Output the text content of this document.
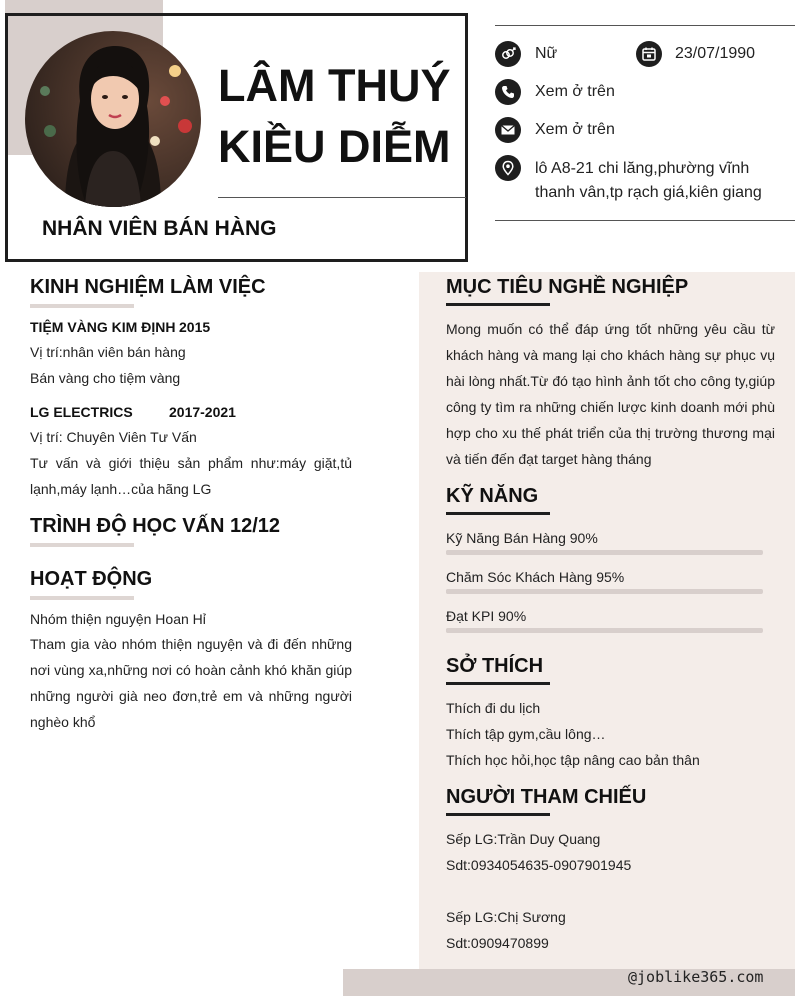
LÂM THUÝ
KIỀU DIỄM
NHÂN VIÊN BÁN HÀNG
Nữ	23/07/1990
Xem ở trên
Xem ở trên
lô A8-21 chi lăng,phường vĩnh
thanh vân,tp rạch giá,kiên giang
KINH NGHIỆM LÀM VIỆC
TIỆM VÀNG KIM ĐỊNH 2015
Vị trí:nhân viên bán hàng
Bán vàng cho tiệm vàng
LG ELECTRICS	2017-2021
Vị trí: Chuyên Viên Tư Vấn
Tư vấn và giới thiệu sản phẩm như:máy giặt,tủ
lạnh,máy lạnh…của hãng LG
TRÌNH ĐỘ HỌC VẤN 12/12
HOẠT ĐỘNG
Nhóm thiện nguyện Hoan Hỉ
Tham gia vào nhóm thiện nguyện và đi đến những
nơi vùng xa,những nơi có hoàn cảnh khó khăn giúp
những người già neo đơn,trẻ em và những người
nghèo khổ
MỤC TIÊU NGHỀ NGHIỆP
Mong muốn có thể đáp ứng tốt những yêu cầu từ
khách hàng và mang lại cho khách hàng sự phục vụ
hài lòng nhất.Từ đó tạo hình ảnh tốt cho công ty,giúp
công ty tìm ra những chiến lược kinh doanh mới phù
hợp cho xu thế phát triển của thị trường thương mại
và tiến đến đạt target hàng tháng
KỸ NĂNG
Kỹ Năng Bán Hàng 90%
Chăm Sóc Khách Hàng 95%
Đạt KPI 90%
SỞ THÍCH
Thích đi du lịch
Thích tập gym,cầu lông…
Thích học hỏi,học tập nâng cao bản thân
NGƯỜI THAM CHIẾU
Sếp LG:Trần Duy Quang
Sdt:0934054635-0907901945
Sếp LG:Chị Sương
Sdt:0909470899
@joblike365.com
